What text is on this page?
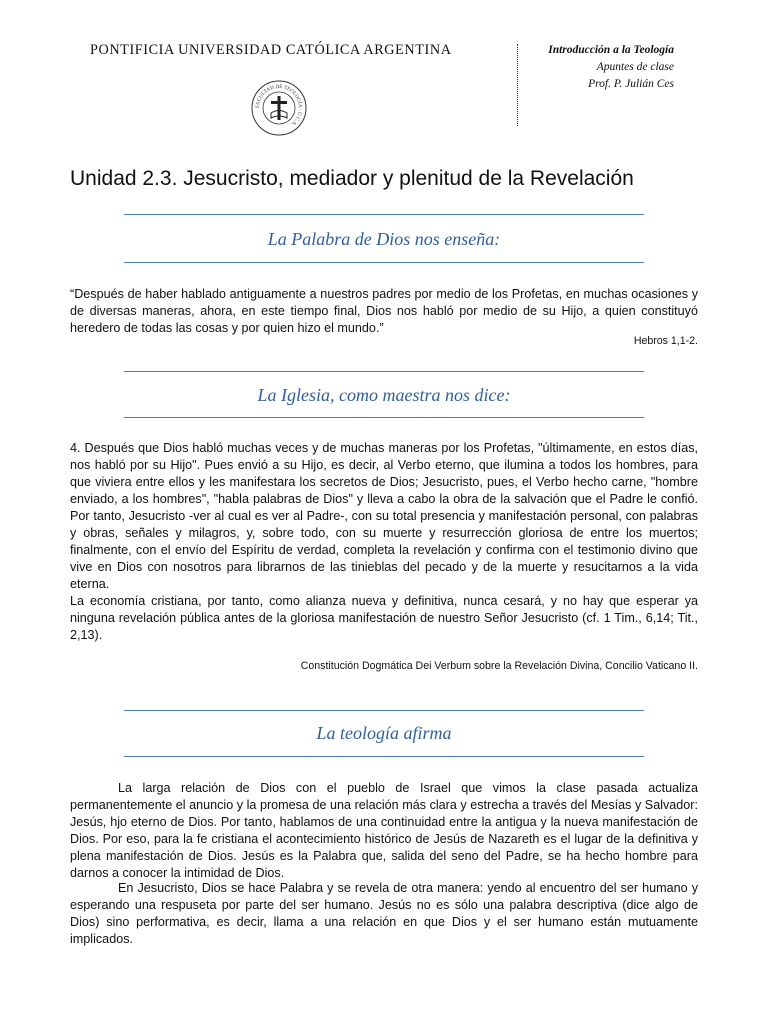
PONTIFICIA UNIVERSIDAD CATÓLICA ARGENTINA
FACULTAD DE TEOLOGÍA · U.C.A.
Introducción a la Teología
Apuntes de clase
Prof. P. Julián Ces
Unidad 2.3. Jesucristo, mediador y plenitud de la Revelación
La Palabra de Dios nos enseña:
“Después de haber hablado antiguamente a nuestros padres por medio de los Profetas, en muchas ocasiones y de diversas maneras, ahora, en este tiempo final, Dios nos habló por medio de su Hijo, a quien constituyó heredero de todas las cosas y por quien hizo el mundo.”
Hebros 1,1-2.
La Iglesia, como maestra nos dice:
4. Después que Dios habló muchas veces y de muchas maneras por los Profetas, "últimamente, en estos días, nos habló por su Hijo". Pues envió a su Hijo, es decir, al Verbo eterno, que ilumina a todos los hombres, para que viviera entre ellos y les manifestara los secretos de Dios; Jesucristo, pues, el Verbo hecho carne, "hombre enviado, a los hombres", "habla palabras de Dios" y lleva a cabo la obra de la salvación que el Padre le confió. Por tanto, Jesucristo -ver al cual es ver al Padre-, con su total presencia y manifestación personal, con palabras y obras, señales y milagros, y, sobre todo, con su muerte y resurrección gloriosa de entre los muertos; finalmente, con el envío del Espíritu de verdad, completa la revelación y confirma con el testimonio divino que vive en Dios con nosotros para librarnos de las tinieblas del pecado y de la muerte y resucitarnos a la vida eterna.
La economía cristiana, por tanto, como alianza nueva y definitiva, nunca cesará, y no hay que esperar ya ninguna revelación pública antes de la gloriosa manifestación de nuestro Señor Jesucristo (cf. 1 Tim., 6,14; Tit., 2,13).
Constitución Dogmática Dei Verbum sobre la Revelación Divina, Concilio Vaticano II.
La teología afirma
La larga relación de Dios con el pueblo de Israel que vimos la clase pasada actualiza permanentemente el anuncio y la promesa de una relación más clara y estrecha a través del Mesías y Salvador: Jesús, hjo eterno de Dios. Por tanto, hablamos de una continuidad entre la antigua y la nueva manifestación de Dios. Por eso, para la fe cristiana el acontecimiento histórico de Jesús de Nazareth es el lugar de la definitiva y plena manifestación de Dios. Jesús es la Palabra que, salida del seno del Padre, se ha hecho hombre para darnos a conocer la intimidad de Dios.
En Jesucristo, Dios se hace Palabra y se revela de otra manera: yendo al encuentro del ser humano y esperando una respuseta por parte del ser humano. Jesús no es sólo una palabra descriptiva (dice algo de Dios) sino performativa, es decir, llama a una relación en que Dios y el ser humano están mutuamente implicados.
